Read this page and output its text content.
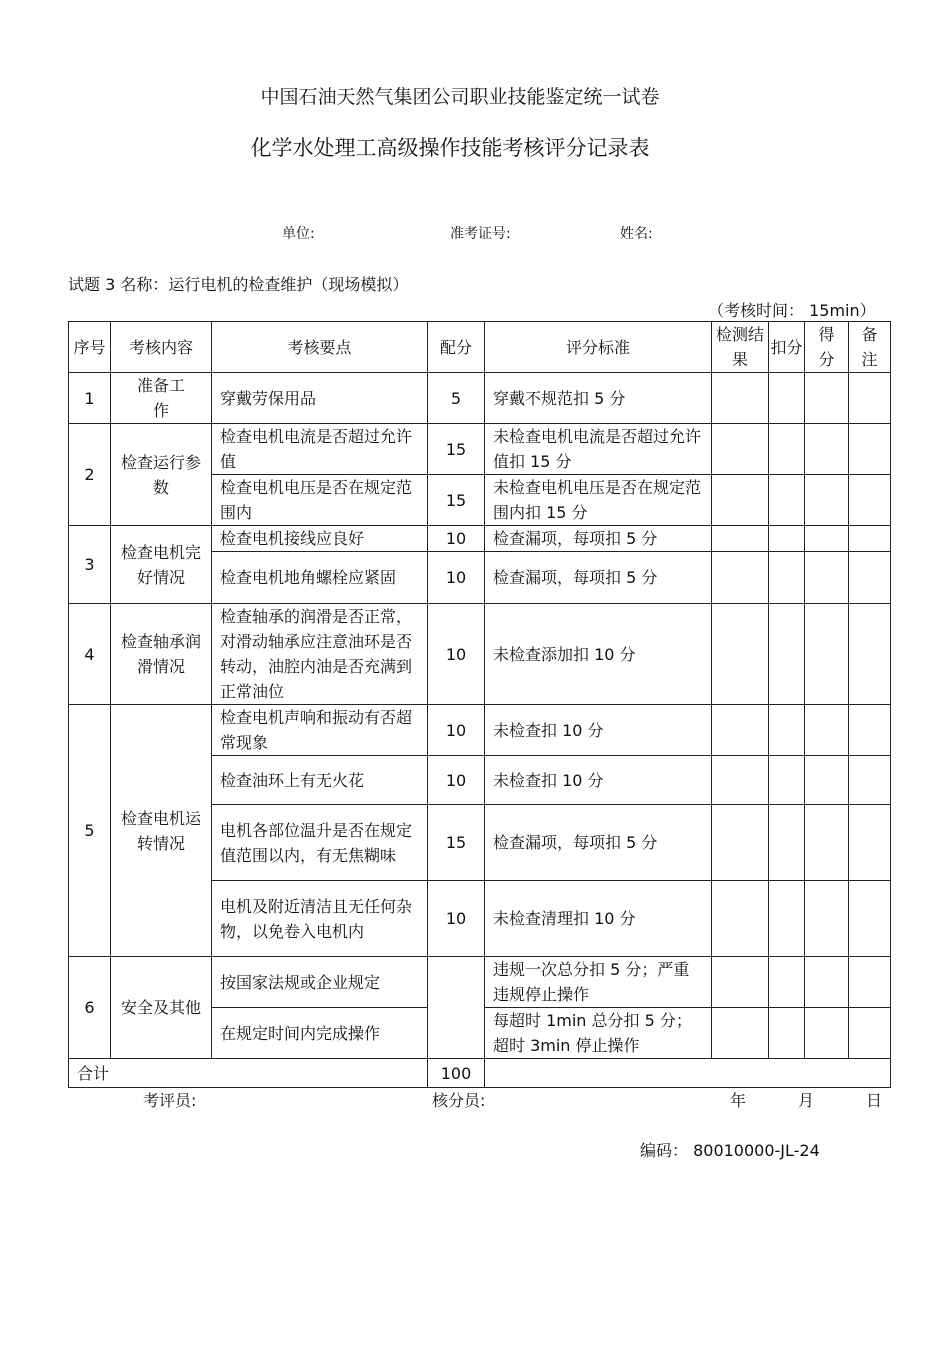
中国石油天然气集团公司职业技能鉴定统一试卷
化学水处理工高级操作技能考核评分记录表
单位:	准考证号:	姓名:
试题 3 名称：运行电机的检查维护（现场模拟）
（考核时间： 15min）
序号	考核内容	考核要点	配分	评分标准	检测结果	扣分	得分	备注
1	准备工作	穿戴劳保用品	5	穿戴不规范扣 5 分				
2	检查运行参数	检查电机电流是否超过允许值	15	未检查电机电流是否超过允许值扣 15 分				
		检查电机电压是否在规定范围内	15	未检查电机电压是否在规定范围内扣 15 分				
3	检查电机完好情况	检查电机接线应良好	10	检查漏项，每项扣 5 分				
		检查电机地角螺栓应紧固	10	检查漏项，每项扣 5 分				
4	检查轴承润滑情况	检查轴承的润滑是否正常，对滑动轴承应注意油环是否转动，油腔内油是否充满到正常油位	10	未检查添加扣 10 分				
5	检查电机运转情况	检查电机声响和振动有否超常现象	10	未检查扣 10 分				
		检查油环上有无火花	10	未检查扣 10 分				
		电机各部位温升是否在规定值范围以内，有无焦糊味	15	检查漏项，每项扣 5 分				
		电机及附近清洁且无任何杂物，以免卷入电机内	10	未检查清理扣 10 分				
6	安全及其他	按国家法规或企业规定		违规一次总分扣 5 分；严重违规停止操作				
		在规定时间内完成操作		每超时 1min 总分扣 5 分；超时 3min 停止操作				
合计			100					
考评员:	核分员:	年	月	日
编码： 80010000-JL-24
